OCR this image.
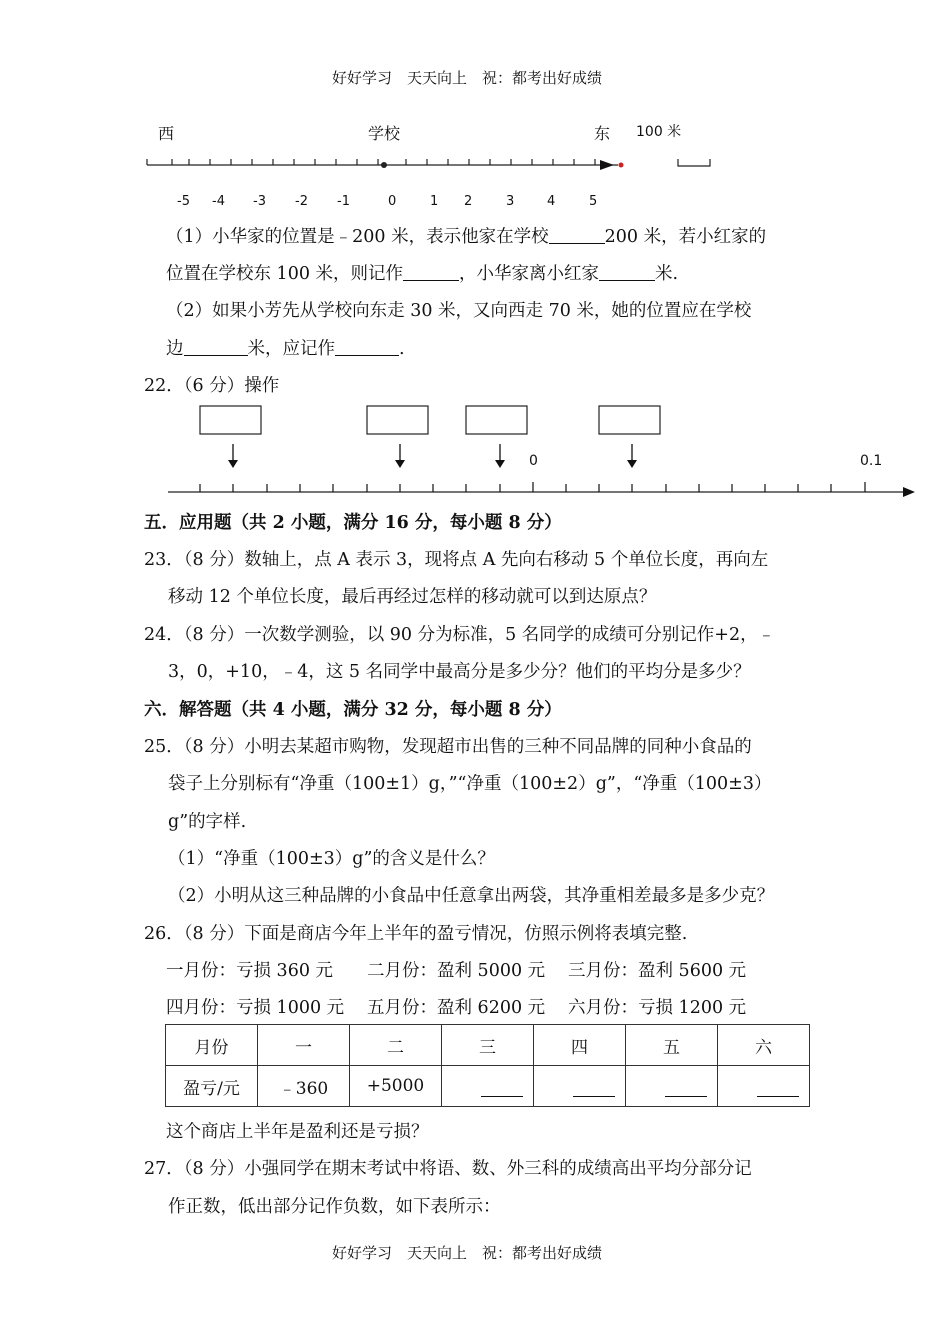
好好学习　天天向上　祝：都考出好成绩
西	学校	东 100 米
-5 -4 -3 -2 -1	0	1 2	3	4	5
（1）小华家的位置是﹣200 米，表示他家在学校	200 米，若小红家的
位置在学校东 100 米，则记作	，小华家离小红家	米.
（2）如果小芳先从学校向东走 30 米，又向西走 70 米，她的位置应在学校
边	米，应记作	.
22．（6 分）操作
0	0.1
五．应用题（共 2 小题，满分 16 分，每小题 8 分）
23．（8 分）数轴上，点 A 表示 3，现将点 A 先向右移动 5 个单位长度，再向左
移动 12 个单位长度，最后再经过怎样的移动就可以到达原点？
24．（8 分）一次数学测验，以 90 分为标准，5 名同学的成绩可分别记作+2，﹣
3，0，+10，﹣4，这 5 名同学中最高分是多少分？他们的平均分是多少？
六．解答题（共 4 小题，满分 32 分，每小题 8 分）
25．（8 分）小明去某超市购物，发现超市出售的三种不同品牌的同种小食品的
袋子上分别标有“净重（100±1）g，”“净重（100±2）g”，“净重（100±3）
g”的字样.
（1）“净重（100±3）g”的含义是什么？
（2）小明从这三种品牌的小食品中任意拿出两袋，其净重相差最多是多少克？
26．（8 分）下面是商店今年上半年的盈亏情况，仿照示例将表填完整.
一月份：亏损 360 元 二月份：盈利 5000 元 三月份：盈利 5600 元
四月份：亏损 1000 元 五月份：盈利 6200 元 六月份：亏损 1200 元
月份	一	二	三	四	五	六
盈亏/元	﹣360	+5000				
这个商店上半年是盈利还是亏损？
27．（8 分）小强同学在期末考试中将语、数、外三科的成绩高出平均分部分记
作正数，低出部分记作负数，如下表所示：
好好学习　天天向上　祝：都考出好成绩
